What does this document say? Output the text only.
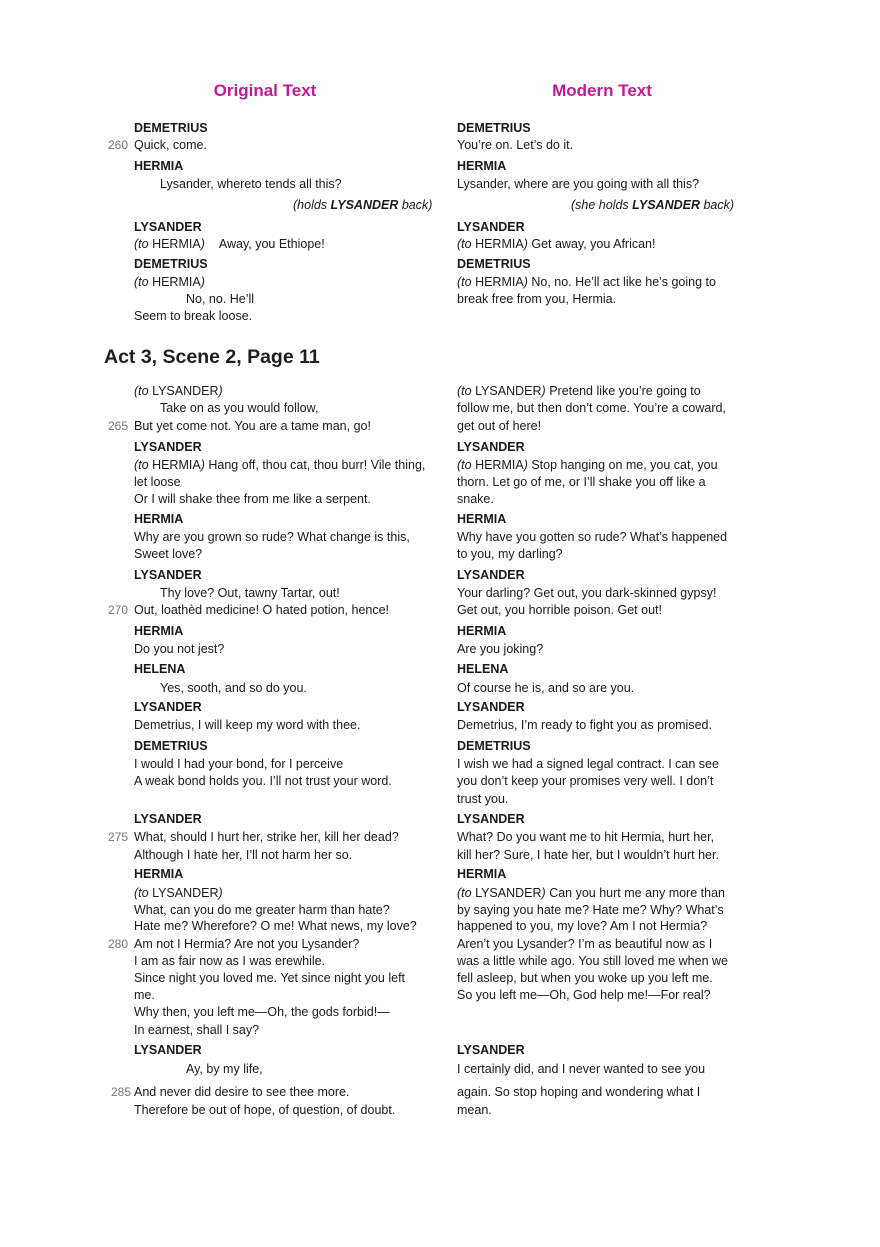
Original Text	Modern Text
260
DEMETRIUS
Quick, come.
HERMIA
Lysander, whereto tends all this?
(holds LYSANDER back)
LYSANDER
(to HERMIA) Away, you Ethiope!
DEMETRIUS
(to HERMIA)
No, no. He’ll
Seem to break loose.
DEMETRIUS
You’re on. Let’s do it.
HERMIA
Lysander, where are you going with all this?
(she holds LYSANDER back)
LYSANDER
(to HERMIA) Get away, you African!
DEMETRIUS
(to HERMIA) No, no. He’ll act like he’s going to
break free from you, Hermia.
Act 3, Scene 2, Page 11
265
270
275
280
285
(to LYSANDER)
Take on as you would follow,
But yet come not. You are a tame man, go!
LYSANDER
(to HERMIA) Hang off, thou cat, thou burr! Vile thing,
let loose
Or I will shake thee from me like a serpent.
HERMIA
Why are you grown so rude? What change is this,
Sweet love?
LYSANDER
Thy love? Out, tawny Tartar, out!
Out, loathèd medicine! O hated potion, hence!
HERMIA
Do you not jest?
HELENA
Yes, sooth, and so do you.
LYSANDER
Demetrius, I will keep my word with thee.
DEMETRIUS
I would I had your bond, for I perceive
A weak bond holds you. I’ll not trust your word.
LYSANDER
What, should I hurt her, strike her, kill her dead?
Although I hate her, I’ll not harm her so.
HERMIA
(to LYSANDER)
What, can you do me greater harm than hate?
Hate me? Wherefore? O me! What news, my love?
Am not I Hermia? Are not you Lysander?
I am as fair now as I was erewhile.
Since night you loved me. Yet since night you left
me.
Why then, you left me—Oh, the gods forbid!—
In earnest, shall I say?
LYSANDER
Ay, by my life,
And never did desire to see thee more.
Therefore be out of hope, of question, of doubt.
(to LYSANDER) Pretend like you’re going to
follow me, but then don’t come. You’re a coward,
get out of here!
LYSANDER
(to HERMIA) Stop hanging on me, you cat, you
thorn. Let go of me, or I’ll shake you off like a
snake.
HERMIA
Why have you gotten so rude? What’s happened
to you, my darling?
LYSANDER
Your darling? Get out, you dark-skinned gypsy!
Get out, you horrible poison. Get out!
HERMIA
Are you joking?
HELENA
Of course he is, and so are you.
LYSANDER
Demetrius, I’m ready to fight you as promised.
DEMETRIUS
I wish we had a signed legal contract. I can see
you don’t keep your promises very well. I don’t
trust you.
LYSANDER
What? Do you want me to hit Hermia, hurt her,
kill her? Sure, I hate her, but I wouldn’t hurt her.
HERMIA
(to LYSANDER) Can you hurt me any more than
by saying you hate me? Hate me? Why? What’s
happened to you, my love? Am I not Hermia?
Aren’t you Lysander? I’m as beautiful now as I
was a little while ago. You still loved me when we
fell asleep, but when you woke up you left me.
So you left me—Oh, God help me!—For real?
LYSANDER
I certainly did, and I never wanted to see you
again. So stop hoping and wondering what I
mean.
